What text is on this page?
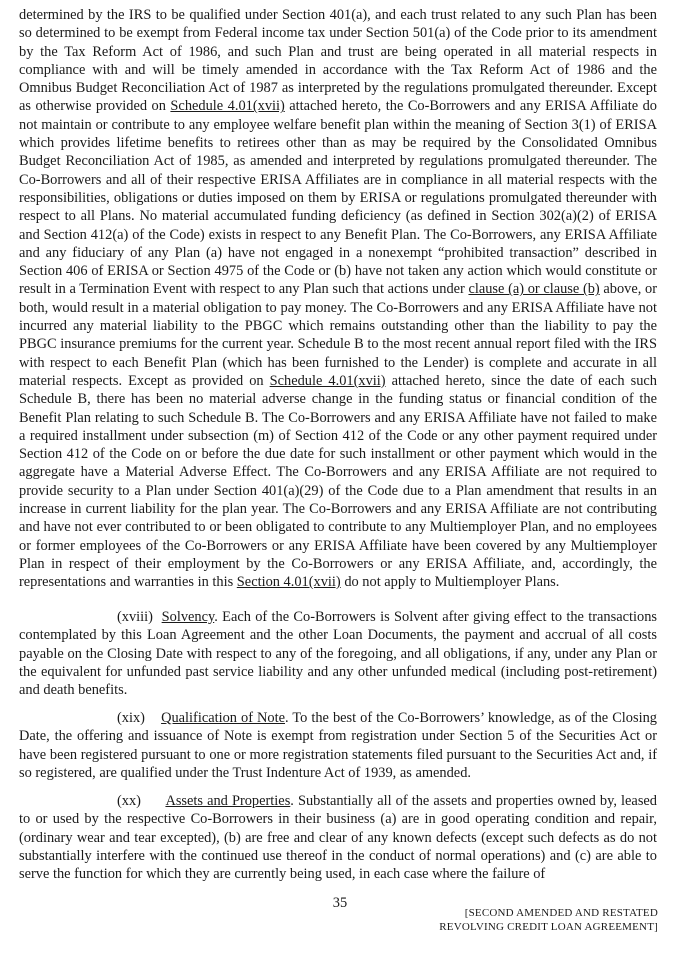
determined by the IRS to be qualified under Section 401(a), and each trust related to any such Plan has been so determined to be exempt from Federal income tax under Section 501(a) of the Code prior to its amendment by the Tax Reform Act of 1986, and such Plan and trust are being operated in all material respects in compliance with and will be timely amended in accordance with the Tax Reform Act of 1986 and the Omnibus Budget Reconciliation Act of 1987 as interpreted by the regulations promulgated thereunder. Except as otherwise provided on Schedule 4.01(xvii) attached hereto, the Co-Borrowers and any ERISA Affiliate do not maintain or contribute to any employee welfare benefit plan within the meaning of Section 3(1) of ERISA which provides lifetime benefits to retirees other than as may be required by the Consolidated Omnibus Budget Reconciliation Act of 1985, as amended and interpreted by regulations promulgated thereunder. The Co-Borrowers and all of their respective ERISA Affiliates are in compliance in all material respects with the responsibilities, obligations or duties imposed on them by ERISA or regulations promulgated thereunder with respect to all Plans. No material accumulated funding deficiency (as defined in Section 302(a)(2) of ERISA and Section 412(a) of the Code) exists in respect to any Benefit Plan. The Co-Borrowers, any ERISA Affiliate and any fiduciary of any Plan (a) have not engaged in a nonexempt “prohibited transaction” described in Section 406 of ERISA or Section 4975 of the Code or (b) have not taken any action which would constitute or result in a Termination Event with respect to any Plan such that actions under clause (a) or clause (b) above, or both, would result in a material obligation to pay money. The Co-Borrowers and any ERISA Affiliate have not incurred any material liability to the PBGC which remains outstanding other than the liability to pay the PBGC insurance premiums for the current year. Schedule B to the most recent annual report filed with the IRS with respect to each Benefit Plan (which has been furnished to the Lender) is complete and accurate in all material respects. Except as provided on Schedule 4.01(xvii) attached hereto, since the date of each such Schedule B, there has been no material adverse change in the funding status or financial condition of the Benefit Plan relating to such Schedule B. The Co-Borrowers and any ERISA Affiliate have not failed to make a required installment under subsection (m) of Section 412 of the Code or any other payment required under Section 412 of the Code on or before the due date for such installment or other payment which would in the aggregate have a Material Adverse Effect. The Co-Borrowers and any ERISA Affiliate are not required to provide security to a Plan under Section 401(a)(29) of the Code due to a Plan amendment that results in an increase in current liability for the plan year. The Co-Borrowers and any ERISA Affiliate are not contributing and have not ever contributed to or been obligated to contribute to any Multiemployer Plan, and no employees or former employees of the Co-Borrowers or any ERISA Affiliate have been covered by any Multiemployer Plan in respect of their employment by the Co-Borrowers or any ERISA Affiliate, and, accordingly, the representations and warranties in this Section 4.01(xvii) do not apply to Multiemployer Plans.

(xviii) Solvency. Each of the Co-Borrowers is Solvent after giving effect to the transactions contemplated by this Loan Agreement and the other Loan Documents, the payment and accrual of all costs payable on the Closing Date with respect to any of the foregoing, and all obligations, if any, under any Plan or the equivalent for unfunded past service liability and any other unfunded medical (including post-retirement) and death benefits.

(xix) Qualification of Note. To the best of the Co-Borrowers’ knowledge, as of the Closing Date, the offering and issuance of Note is exempt from registration under Section 5 of the Securities Act or have been registered pursuant to one or more registration statements filed pursuant to the Securities Act and, if so registered, are qualified under the Trust Indenture Act of 1939, as amended.

(xx) Assets and Properties. Substantially all of the assets and properties owned by, leased to or used by the respective Co-Borrowers in their business (a) are in good operating condition and repair, (ordinary wear and tear excepted), (b) are free and clear of any known defects (except such defects as do not substantially interfere with the continued use thereof in the conduct of normal operations) and (c) are able to serve the function for which they are currently being used, in each case where the failure of

35
[SECOND AMENDED AND RESTATED
REVOLVING CREDIT LOAN AGREEMENT]
